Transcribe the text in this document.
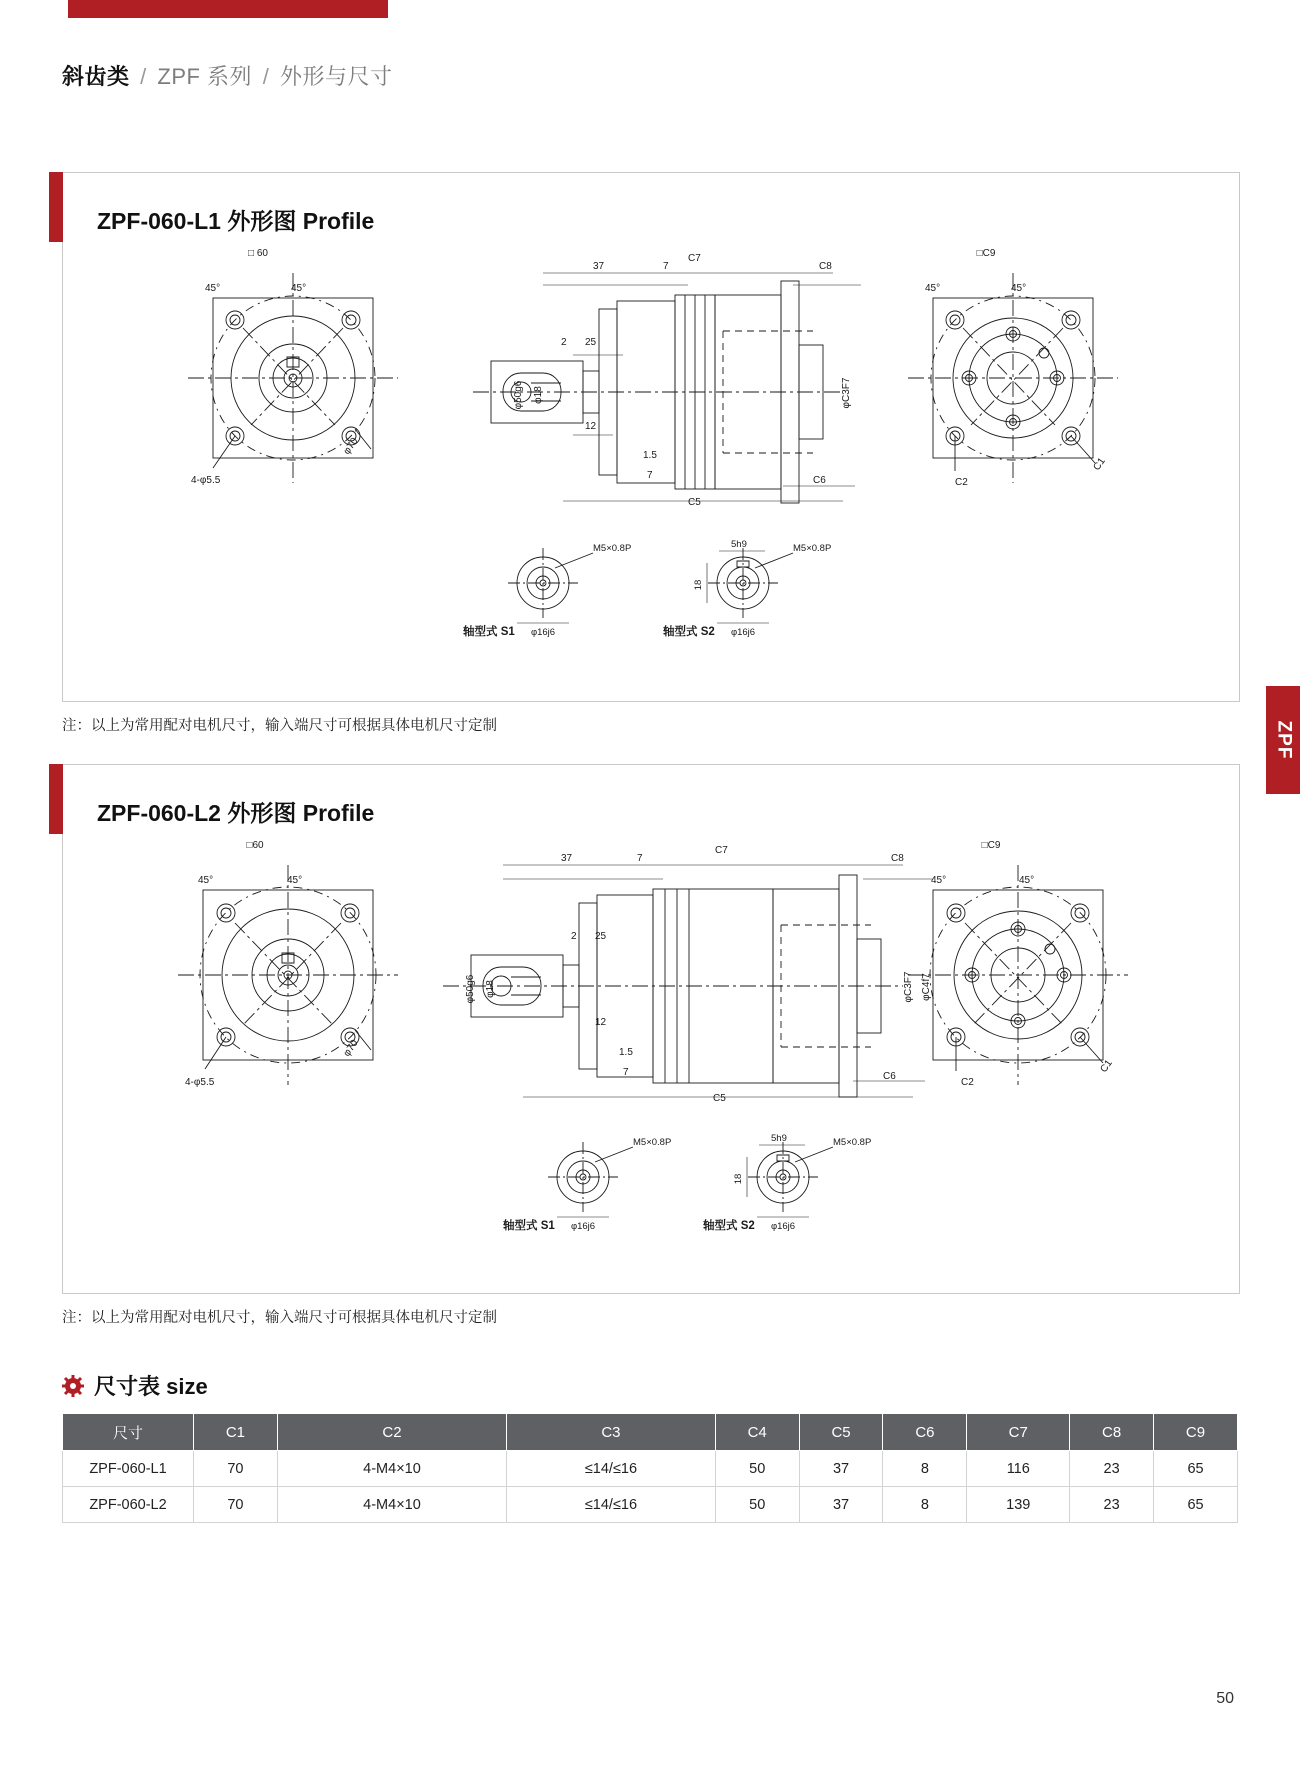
斜齿类 / ZPF 系列 / 外形与尺寸
ZPF
ZPF-060-L1 外形图 Profile
□ 60
45°	45°
4-φ5.5
φ70
37	7
C7
C8
2 25
12
1.5
7
C5
C6
φ50g6 φ18	φC3F7
□C9
45°	45°
C2
C1
M5×0.8P	M5×0.8P
5h9
18
φ16j6	φ16j6
轴型式 S1	轴型式 S2
注：以上为常用配对电机尺寸，输入端尺寸可根据具体电机尺寸定制
ZPF-060-L2 外形图 Profile
□60
45°	45°
4-φ5.5
φ70
37	7
C7
C8
2 25
12
1.5
7
C5
C6
φ50g6 φ18	φC3F7 φC4f7
□C9
45°	45°
C2
C1
M5×0.8P	M5×0.8P
5h9
18
φ16j6	φ16j6
轴型式 S1	轴型式 S2
注：以上为常用配对电机尺寸，输入端尺寸可根据具体电机尺寸定制
尺寸表 size
尺寸	C1	C2	C3	C4	C5	C6	C7	C8	C9
ZPF-060-L1	70	4-M4×10	≤14/≤16	50	37	8	116	23	65
ZPF-060-L2	70	4-M4×10	≤14/≤16	50	37	8	139	23	65
50
